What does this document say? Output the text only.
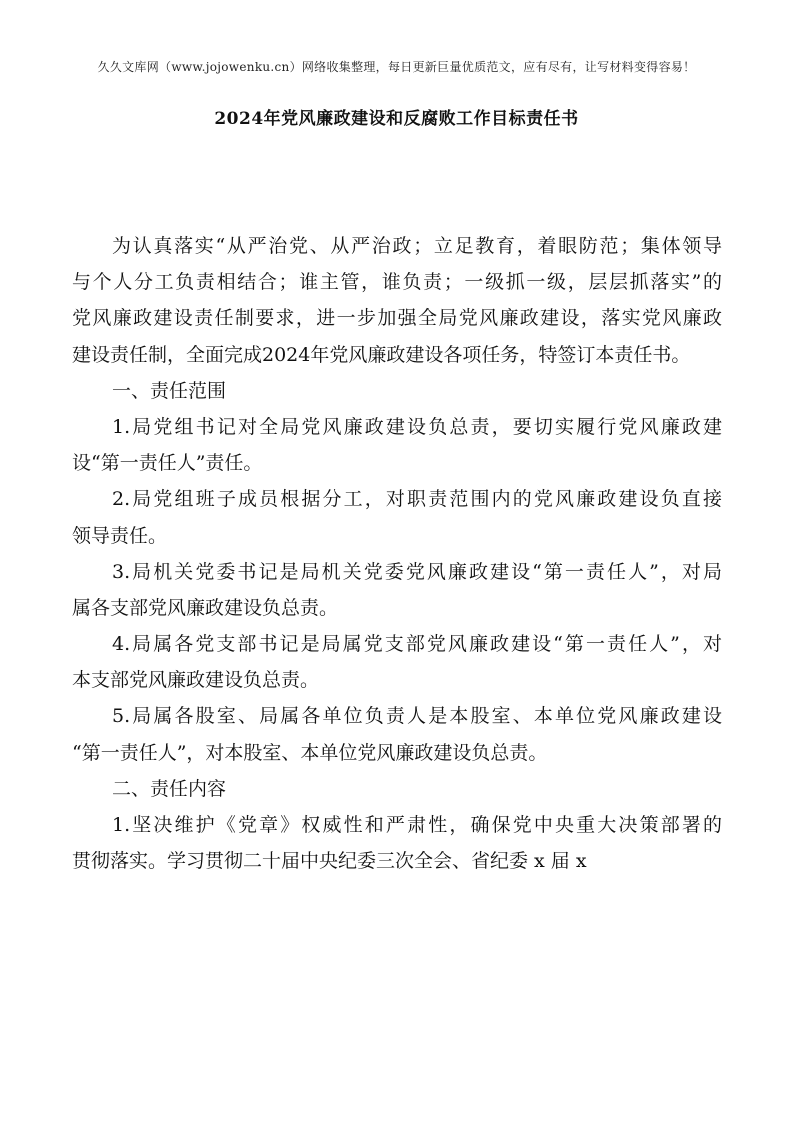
久久文库网（www.jojowenku.cn）网络收集整理，每日更新巨量优质范文，应有尽有，让写材料变得容易！
2024年党风廉政建设和反腐败工作目标责任书
为认真落实“从严治党、从严治政；立足教育，着眼防范；集体领导
与个人分工负责相结合；谁主管，谁负责；一级抓一级，层层抓落实”的
党风廉政建设责任制要求，进一步加强全局党风廉政建设，落实党风廉政
建设责任制，全面完成2024年党风廉政建设各项任务，特签订本责任书。
一、责任范围
1.局党组书记对全局党风廉政建设负总责，要切实履行党风廉政建
设“第一责任人”责任。
2.局党组班子成员根据分工，对职责范围内的党风廉政建设负直接
领导责任。
3.局机关党委书记是局机关党委党风廉政建设“第一责任人”，对局
属各支部党风廉政建设负总责。
4.局属各党支部书记是局属党支部党风廉政建设“第一责任人”，对
本支部党风廉政建设负总责。
5.局属各股室、局属各单位负责人是本股室、本单位党风廉政建设
“第一责任人”，对本股室、本单位党风廉政建设负总责。
二、责任内容
1.坚决维护《党章》权威性和严肃性，确保党中央重大决策部署的
贯彻落实。学习贯彻二十届中央纪委三次全会、省纪委 x 届 x
